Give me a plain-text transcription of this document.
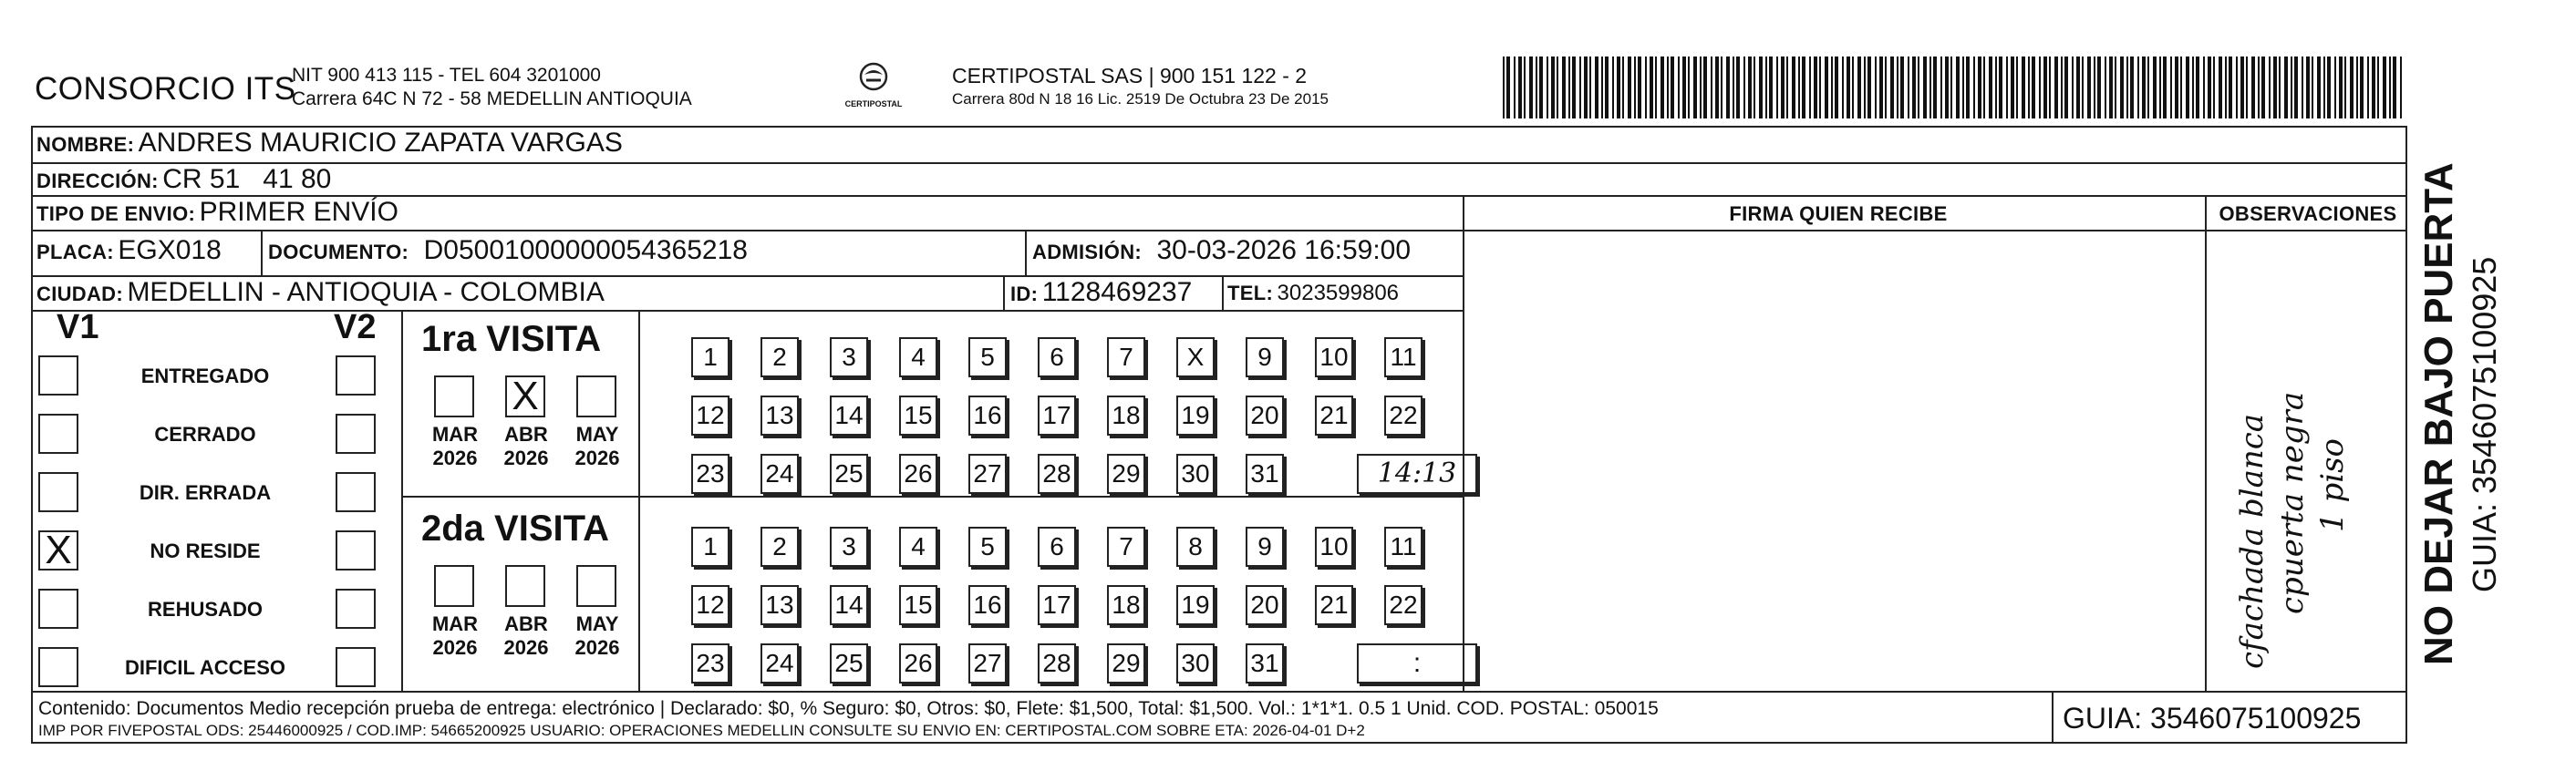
CONSORCIO ITS
NIT 900 413 115 - TEL 604 3201000
Carrera 64C N 72 - 58 MEDELLIN ANTIOQUIA	CERTIPOSTAL
CERTIPOSTAL SAS | 900 151 122 - 2
Carrera 80d N 18 16 Lic. 2519 De Octubra 23 De 2015
NOMBRE: ANDRES MAURICIO ZAPATA VARGAS
DIRECCIÓN: CR 51   41 80
TIPO DE ENVIO: PRIMER ENVÍO	FIRMA QUIEN RECIBE	OBSERVACIONES
PLACA: EGX018 DOCUMENTO: D05001000000054365218	ADMISIÓN: 30-03-2026 16:59:00
CIUDAD: MEDELLIN - ANTIOQUIA - COLOMBIA	ID: 1128469237 TEL: 3023599806
V1	V2
ENTREGADO
CERRADO
DIR. ERRADA
X	NO RESIDE
REHUSADO
DIFICIL ACCESO
1ra VISITA
MAR
2026
X
ABR
2026
MAY
2026
1	2	3	4	5	6	7	X	9	10 11
12 13 14 15 16 17 18 19 20 21 22
23 24 25 26 27 28 29 30 31	14:13
2da VISITA
MAR
2026
ABR
2026
MAY
2026
1	2	3	4	5	6	7	8	9	10 11
12 13 14 15 16 17 18 19 20 21 22
23 24 25 26 27 28 29 30 31	:	cfachada blanca cpuerta negra 1 piso
Contenido: Documentos Medio recepción prueba de entrega: electrónico | Declarado: $0, % Seguro: $0, Otros: $0, Flete: $1,500, Total: $1,500. Vol.: 1*1*1. 0.5 1 Unid. COD. POSTAL: 050015
IMP POR FIVEPOSTAL ODS: 25446000925 / COD.IMP: 54665200925 USUARIO: OPERACIONES MEDELLIN CONSULTE SU ENVIO EN: CERTIPOSTAL.COM SOBRE ETA: 2026-04-01 D+2	GUIA: 3546075100925
NO DEJAR BAJO PUERTA GUIA: 3546075100925
